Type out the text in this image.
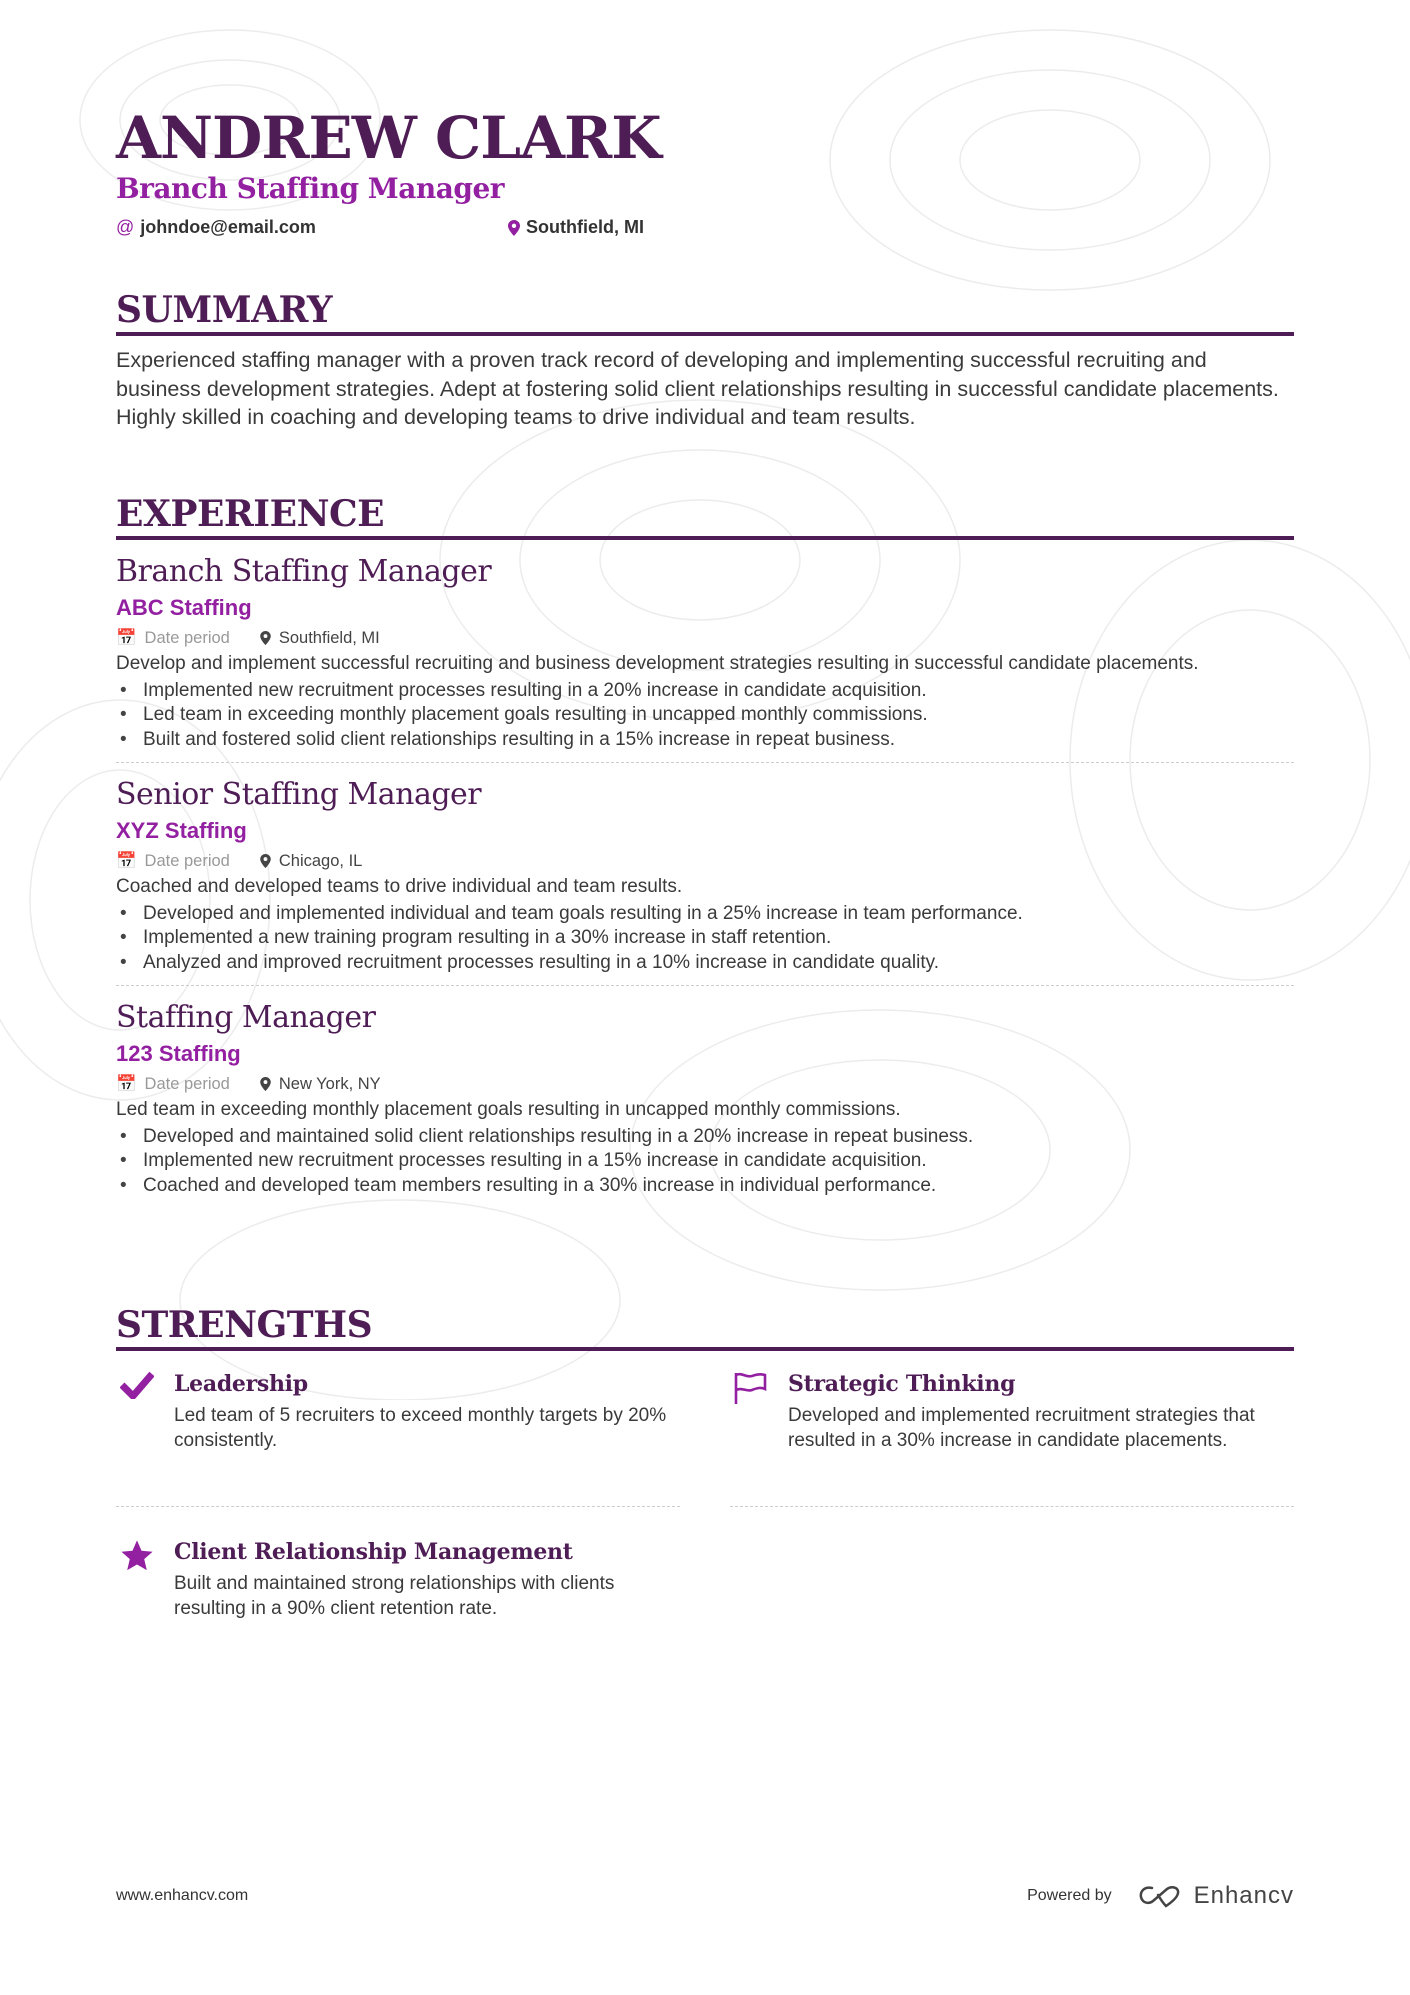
ANDREW CLARK
Branch Staffing Manager
@ johndoe@email.com	Southfield, MI
SUMMARY

Experienced staffing manager with a proven track record of developing and implementing successful recruiting and business development strategies. Adept at fostering solid client relationships resulting in successful candidate placements. Highly skilled in coaching and developing teams to drive individual and team results.

EXPERIENCE
Branch Staffing Manager
ABC Staffing
📅 Date period	Southfield, MI

Develop and implement successful recruiting and business development strategies resulting in successful candidate placements.

• Implemented new recruitment processes resulting in a 20% increase in candidate acquisition.
• Led team in exceeding monthly placement goals resulting in uncapped monthly commissions.
• Built and fostered solid client relationships resulting in a 15% increase in repeat business.
Senior Staffing Manager
XYZ Staffing
📅 Date period	Chicago, IL

Coached and developed teams to drive individual and team results.

• Developed and implemented individual and team goals resulting in a 25% increase in team performance.
• Implemented a new training program resulting in a 30% increase in staff retention.
• Analyzed and improved recruitment processes resulting in a 10% increase in candidate quality.
Staffing Manager
123 Staffing
📅 Date period	New York, NY

Led team in exceeding monthly placement goals resulting in uncapped monthly commissions.

• Developed and maintained solid client relationships resulting in a 20% increase in repeat business.
• Implemented new recruitment processes resulting in a 15% increase in candidate acquisition.
• Coached and developed team members resulting in a 30% increase in individual performance.
STRENGTHS
Leadership

Led team of 5 recruiters to exceed monthly targets by 20% consistently.

Strategic Thinking

Developed and implemented recruitment strategies that resulted in a 30% increase in candidate placements.

Client Relationship Management

Built and maintained strong relationships with clients resulting in a 90% client retention rate.

www.enhancv.com	Powered by	Enhancv
